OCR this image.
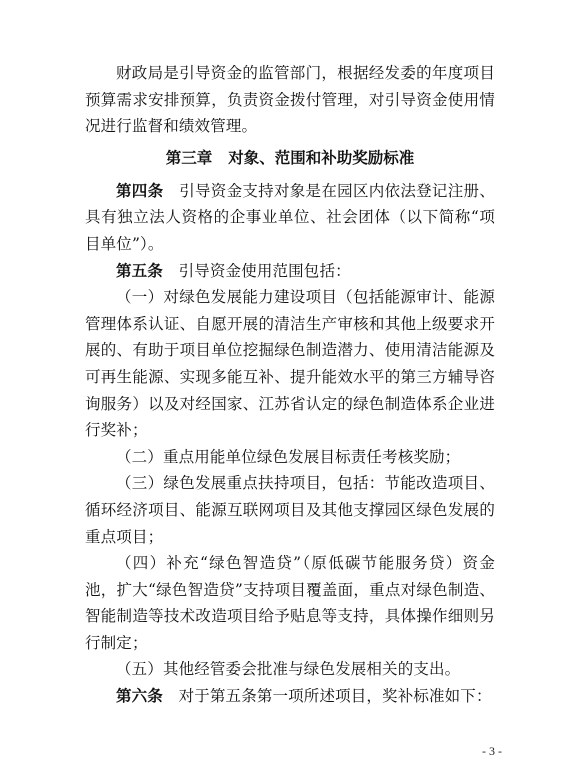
财政局是引导资金的监管部门，根据经发委的年度项目预算需求安排预算，负责资金拨付管理，对引导资金使用情况进行监督和绩效管理。

第三章 对象、范围和补助奖励标准

第四条　 引导资金支持对象是在园区内依法登记注册、具有独立法人资格的企事业单位、社会团体（以下简称“项目单位”）。

第五条　 引导资金使用范围包括：

（一）对绿色发展能力建设项目（包括能源审计、能源管理体系认证、自愿开展的清洁生产审核和其他上级要求开展的、有助于项目单位挖掘绿色制造潜力、使用清洁能源及可再生能源、实现多能互补、提升能效水平的第三方辅导咨询服务）以及对经国家、江苏省认定的绿色制造体系企业进行奖补；

（二）重点用能单位绿色发展目标责任考核奖励；

（三）绿色发展重点扶持项目，包括：节能改造项目、循环经济项目、能源互联网项目及其他支撑园区绿色发展的重点项目；

（四）补充“绿色智造贷”（原低碳节能服务贷）资金池，扩大“绿色智造贷”支持项目覆盖面，重点对绿色制造、智能制造等技术改造项目给予贴息等支持，具体操作细则另行制定；

（五）其他经管委会批准与绿色发展相关的支出。

第六条　 对于第五条第一项所述项目，奖补标准如下：

- 3 -
